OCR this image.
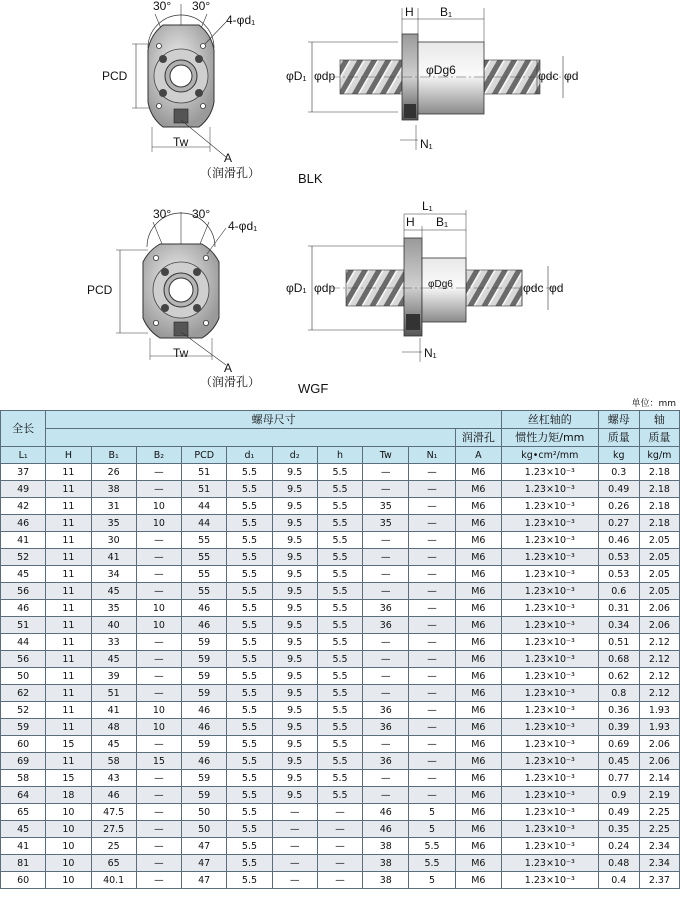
30° 30°
4-φd₁
PCD
Tw
A
（润滑孔）
φD₁ φdp	φDg6	φdc φd
H B₁
N₁
BLK
30° 30°
4-φd₁
PCD
Tw
A
（润滑孔）
φD₁ φdp	φDg6	φdc φd
L₁
H B₁
N₁
WGF
单位：mm
全长	螺母尺寸										丝杠轴的	螺母	轴
										润滑孔	惯性力矩/mm	质量	质量
L₁	H	B₁	B₂	PCD	d₁	d₂	h	Tw	N₁	A	kg•cm²/mm	kg	kg/m
37	11	26	—	51	5.5	9.5	5.5	—	—	M6	1.23×10⁻³	0.3	2.18
49	11	38	—	51	5.5	9.5	5.5	—	—	M6	1.23×10⁻³	0.49	2.18
42	11	31	10	44	5.5	9.5	5.5	35	—	M6	1.23×10⁻³	0.26	2.18
46	11	35	10	44	5.5	9.5	5.5	35	—	M6	1.23×10⁻³	0.27	2.18
41	11	30	—	55	5.5	9.5	5.5	—	—	M6	1.23×10⁻³	0.46	2.05
52	11	41	—	55	5.5	9.5	5.5	—	—	M6	1.23×10⁻³	0.53	2.05
45	11	34	—	55	5.5	9.5	5.5	—	—	M6	1.23×10⁻³	0.53	2.05
56	11	45	—	55	5.5	9.5	5.5	—	—	M6	1.23×10⁻³	0.6	2.05
46	11	35	10	46	5.5	9.5	5.5	36	—	M6	1.23×10⁻³	0.31	2.06
51	11	40	10	46	5.5	9.5	5.5	36	—	M6	1.23×10⁻³	0.34	2.06
44	11	33	—	59	5.5	9.5	5.5	—	—	M6	1.23×10⁻³	0.51	2.12
56	11	45	—	59	5.5	9.5	5.5	—	—	M6	1.23×10⁻³	0.68	2.12
50	11	39	—	59	5.5	9.5	5.5	—	—	M6	1.23×10⁻³	0.62	2.12
62	11	51	—	59	5.5	9.5	5.5	—	—	M6	1.23×10⁻³	0.8	2.12
52	11	41	10	46	5.5	9.5	5.5	36	—	M6	1.23×10⁻³	0.36	1.93
59	11	48	10	46	5.5	9.5	5.5	36	—	M6	1.23×10⁻³	0.39	1.93
60	15	45	—	59	5.5	9.5	5.5	—	—	M6	1.23×10⁻³	0.69	2.06
69	11	58	15	46	5.5	9.5	5.5	36	—	M6	1.23×10⁻³	0.45	2.06
58	15	43	—	59	5.5	9.5	5.5	—	—	M6	1.23×10⁻³	0.77	2.14
64	18	46	—	59	5.5	9.5	5.5	—	—	M6	1.23×10⁻³	0.9	2.19
65	10	47.5	—	50	5.5	—	—	46	5	M6	1.23×10⁻³	0.49	2.25
45	10	27.5	—	50	5.5	—	—	46	5	M6	1.23×10⁻³	0.35	2.25
41	10	25	—	47	5.5	—	—	38	5.5	M6	1.23×10⁻³	0.24	2.34
81	10	65	—	47	5.5	—	—	38	5.5	M6	1.23×10⁻³	0.48	2.34
60	10	40.1	—	47	5.5	—	—	38	5	M6	1.23×10⁻³	0.4	2.37
